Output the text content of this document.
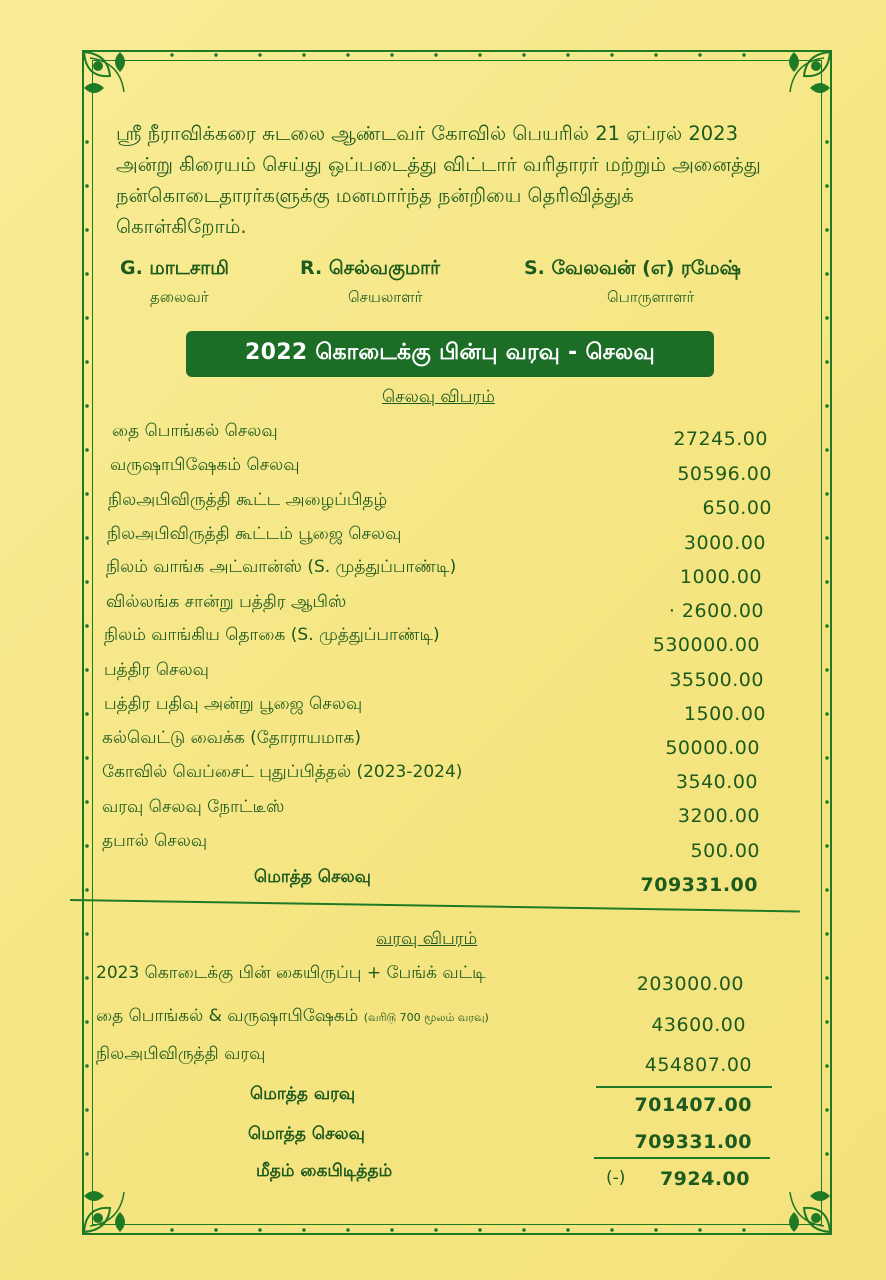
ஸ்ரீ நீராவிக்கரை சுடலை ஆண்டவர் கோவில் பெயரில் 21 ஏப்ரல் 2023
அன்று கிரையம் செய்து ஒப்படைத்து விட்டார் வரிதாரர் மற்றும் அனைத்து
நன்கொடைதாரர்களுக்கு மனமார்ந்த நன்றியை தெரிவித்துக்
கொள்கிறோம்.
G. மாடசாமி
தலைவர்
R. செல்வகுமார்
செயலாளர்
S. வேலவன் (எ) ரமேஷ்
பொருளாளர்
2022 கொடைக்கு பின்பு வரவு - செலவு
செலவு விபரம்
தை பொங்கல் செலவு	27245.00
வருஷாபிஷேகம் செலவு	50596.00
நிலஅபிவிருத்தி கூட்ட அழைப்பிதழ்	650.00
நிலஅபிவிருத்தி கூட்டம் பூஜை செலவு	3000.00
நிலம் வாங்க அட்வான்ஸ் (S. முத்துப்பாண்டி)	1000.00
வில்லங்க சான்று பத்திர ஆபிஸ்	· 2600.00
நிலம் வாங்கிய தொகை (S. முத்துப்பாண்டி)	530000.00
பத்திர செலவு	35500.00
பத்திர பதிவு அன்று பூஜை செலவு	1500.00
கல்வெட்டு வைக்க (தோராயமாக)	50000.00
கோவில் வெப்சைட் புதுப்பித்தல் (2023-2024)	3540.00
வரவு செலவு நோட்டீஸ்	3200.00
தபால் செலவு	500.00
மொத்த செலவு	709331.00
வரவு விபரம்
2023 கொடைக்கு பின் கையிருப்பு + பேங்க் வட்டி	203000.00
தை பொங்கல் & வருஷாபிஷேகம் (வரி௫ 700 மூலம் வரவு)	43600.00
நிலஅபிவிருத்தி வரவு	454807.00
மொத்த வரவு	701407.00
மொத்த செலவு	709331.00
மீதம் கைபிடித்தம்	(-) 7924.00
